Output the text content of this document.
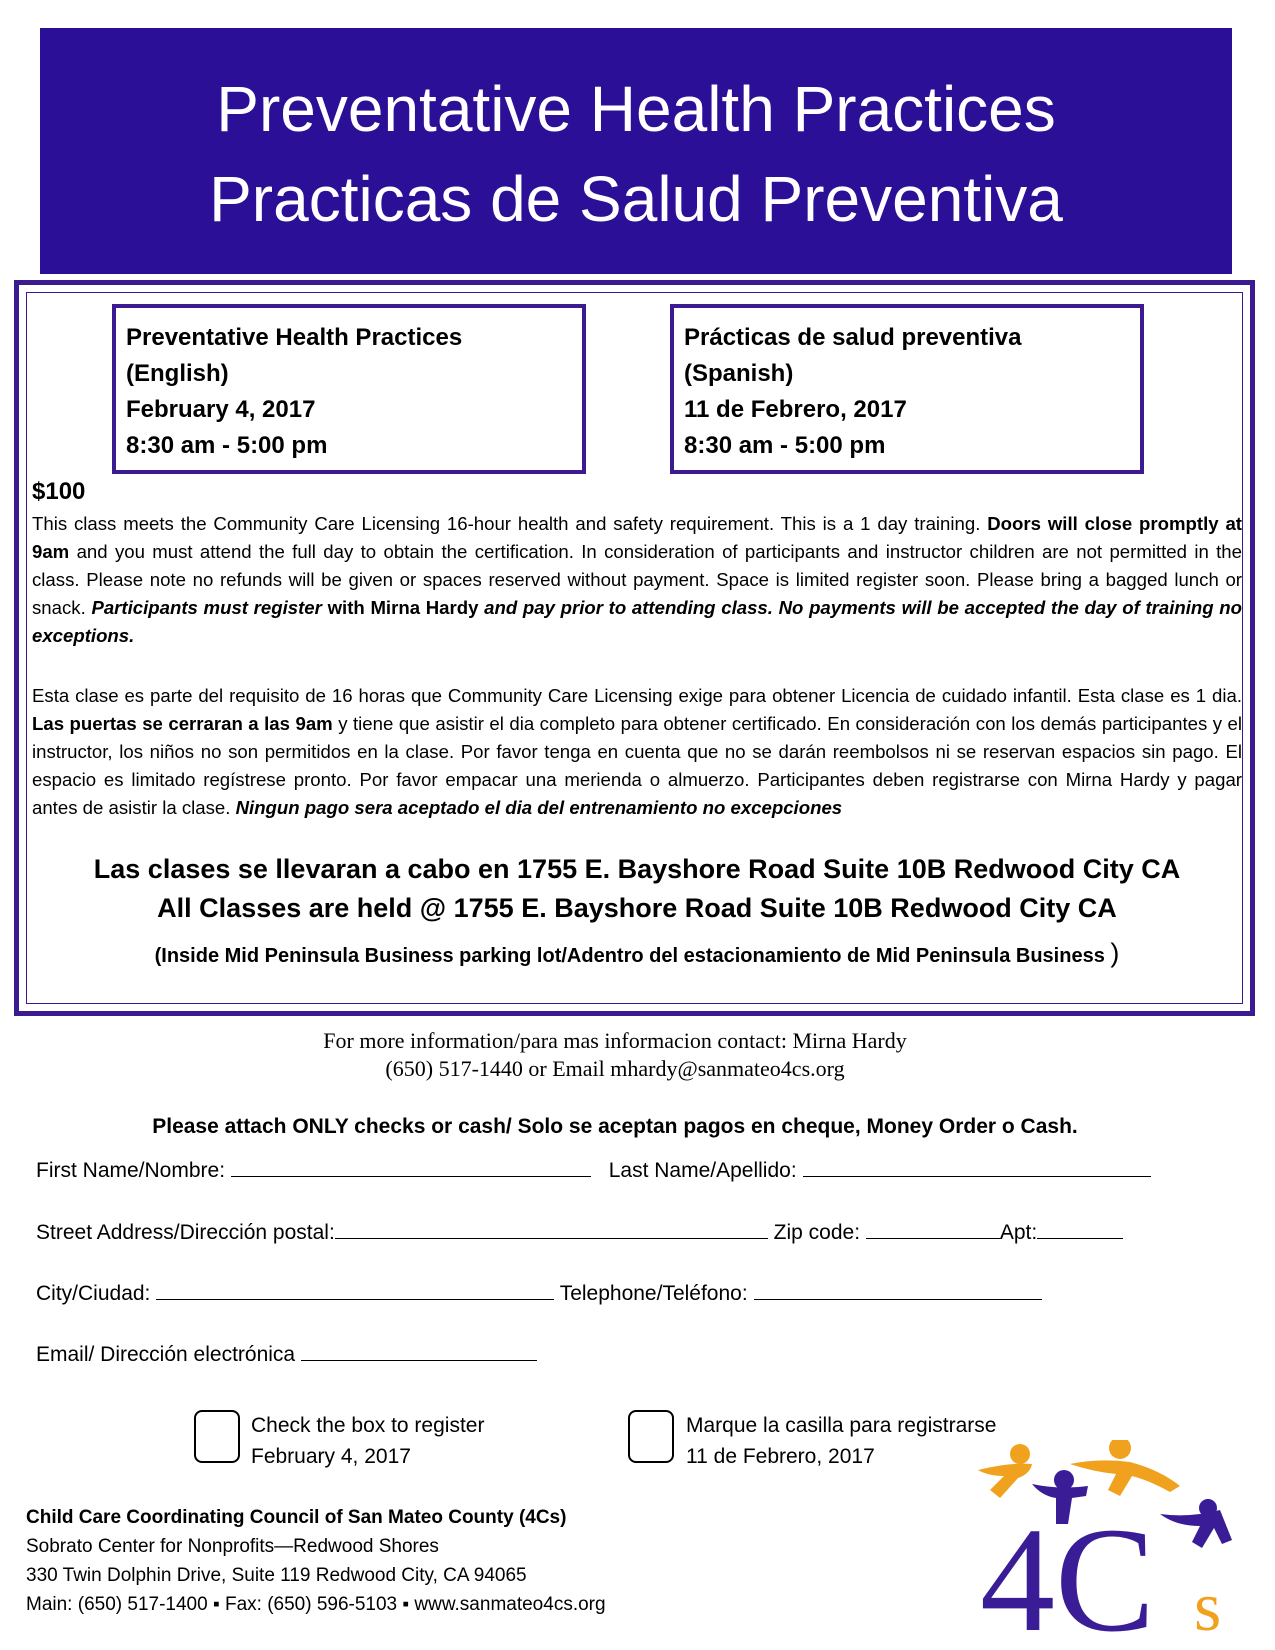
Preventative Health Practices
Practicas de Salud Preventiva
Preventative Health Practices
(English)
February 4, 2017
8:30 am - 5:00 pm
Prácticas de salud preventiva
(Spanish)
11 de Febrero, 2017
8:30 am - 5:00 pm
$100
This class meets the Community Care Licensing 16-hour health and safety requirement. This is a 1 day training. Doors will close promptly at 9am and you must attend the full day to obtain the certification. In consideration of participants and instructor children are not permitted in the class. Please note no refunds will be given or spaces reserved without payment. Space is limited register soon. Please bring a bagged lunch or snack. Participants must register with Mirna Hardy and pay prior to attending class. No payments will be accepted the day of training no exceptions.
Esta clase es parte del requisito de 16 horas que Community Care Licensing exige para obtener Licencia de cuidado infantil. Esta clase es 1 dia. Las puertas se cerraran a las 9am y tiene que asistir el dia completo para obtener certificado. En consideración con los demás participantes y el instructor, los niños no son permitidos en la clase. Por favor tenga en cuenta que no se darán reembolsos ni se reservan espacios sin pago. El espacio es limitado regístrese pronto. Por favor empacar una merienda o almuerzo. Participantes deben registrarse con Mirna Hardy y pagar antes de asistir la clase. Ningun pago sera aceptado el dia del entrenamiento no excepciones
Las clases se llevaran a cabo en 1755 E. Bayshore Road Suite 10B Redwood City CA
All Classes are held @ 1755 E. Bayshore Road Suite 10B Redwood City CA
(Inside Mid Peninsula Business parking lot/Adentro del estacionamiento de Mid Peninsula Business )
For more information/para mas informacion contact: Mirna Hardy
(650) 517-1440 or Email mhardy@sanmateo4cs.org
Please attach ONLY checks or cash/ Solo se aceptan pagos en cheque, Money Order o Cash.
First Name/Nombre:	Last Name/Apellido:
Street Address/Dirección postal:	Zip code:	Apt:
City/Ciudad:	Telephone/Teléfono:
Email/ Dirección electrónica
Check the box to register
February 4, 2017
Marque la casilla para registrarse
11 de Febrero, 2017
Child Care Coordinating Council of San Mateo County (4Cs)
Sobrato Center for Nonprofits—Redwood Shores
330 Twin Dolphin Drive, Suite 119 Redwood City, CA 94065
Main: (650) 517-1400 ▪ Fax: (650) 596-5103 ▪ www.sanmateo4cs.org 4C s
